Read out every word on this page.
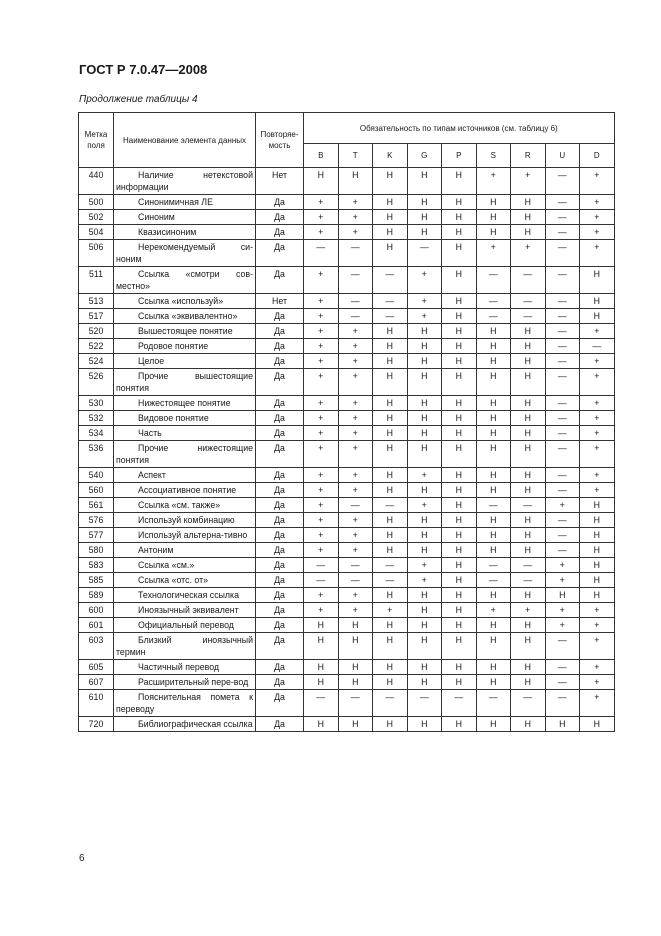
ГОСТ Р 7.0.47—2008
Продолжение таблицы 4
Метка поля	Наименование элемента данных	Повторяе-мость	Обязательность по типам источников (см. таблицу 6)								
			B	T	K	G	P	S	R	U	D
440	Наличие нетекстовой информации	Нет	Н	Н	Н	Н	Н	+	+	—	+
500	Синонимичная ЛЕ	Да	+	+	Н	Н	Н	Н	Н	—	+
502	Синоним	Да	+	+	Н	Н	Н	Н	Н	—	+
504	Квазисиноним	Да	+	+	Н	Н	Н	Н	Н	—	+
506	Нерекомендуемый си-ноним	Да	—	—	Н	—	Н	+	+	—	+
511	Ссылка «смотри сов-местно»	Да	+	—	—	+	Н	—	—	—	Н
513	Ссылка «используй»	Нет	+	—	—	+	Н	—	—	—	Н
517	Ссылка «эквивалентно»	Да	+	—	—	+	Н	—	—	—	Н
520	Вышестоящее понятие	Да	+	+	Н	Н	Н	Н	Н	—	+
522	Родовое понятие	Да	+	+	Н	Н	Н	Н	Н	—	—
524	Целое	Да	+	+	Н	Н	Н	Н	Н	—	+
526	Прочие вышестоящие понятия	Да	+	+	Н	Н	Н	Н	Н	—	+
530	Нижестоящее понятие	Да	+	+	Н	Н	Н	Н	Н	—	+
532	Видовое понятие	Да	+	+	Н	Н	Н	Н	Н	—	+
534	Часть	Да	+	+	Н	Н	Н	Н	Н	—	+
536	Прочие нижестоящие понятия	Да	+	+	Н	Н	Н	Н	Н	—	+
540	Аспект	Да	+	+	Н	+	Н	Н	Н	—	+
560	Ассоциативное понятие	Да	+	+	Н	Н	Н	Н	Н	—	+
561	Ссылка «см. также»	Да	+	—	—	+	Н	—	—	+	Н
576	Используй комбинацию	Да	+	+	Н	Н	Н	Н	Н	—	Н
577	Используй альтерна-тивно	Да	+	+	Н	Н	Н	Н	Н	—	Н
580	Антоним	Да	+	+	Н	Н	Н	Н	Н	—	Н
583	Ссылка «см.»	Да	—	—	—	+	Н	—	—	+	Н
585	Ссылка «отс. от»	Да	—	—	—	+	Н	—	—	+	Н
589	Технологическая ссылка	Да	+	+	Н	Н	Н	Н	Н	Н	Н
600	Иноязычный эквивалент	Да	+	+	+	Н	Н	+	+	+	+
601	Официальный перевод	Да	Н	Н	Н	Н	Н	Н	Н	+	+
603	Близкий иноязычный термин	Да	Н	Н	Н	Н	Н	Н	Н	—	+
605	Частичный перевод	Да	Н	Н	Н	Н	Н	Н	Н	—	+
607	Расширительный пере-вод	Да	Н	Н	Н	Н	Н	Н	Н	—	+
610	Пояснительная помета к переводу	Да	—	—	—	—	—	—	—	—	+
720	Библиографическая ссылка	Да	Н	Н	Н	Н	Н	Н	Н	Н	Н
6
